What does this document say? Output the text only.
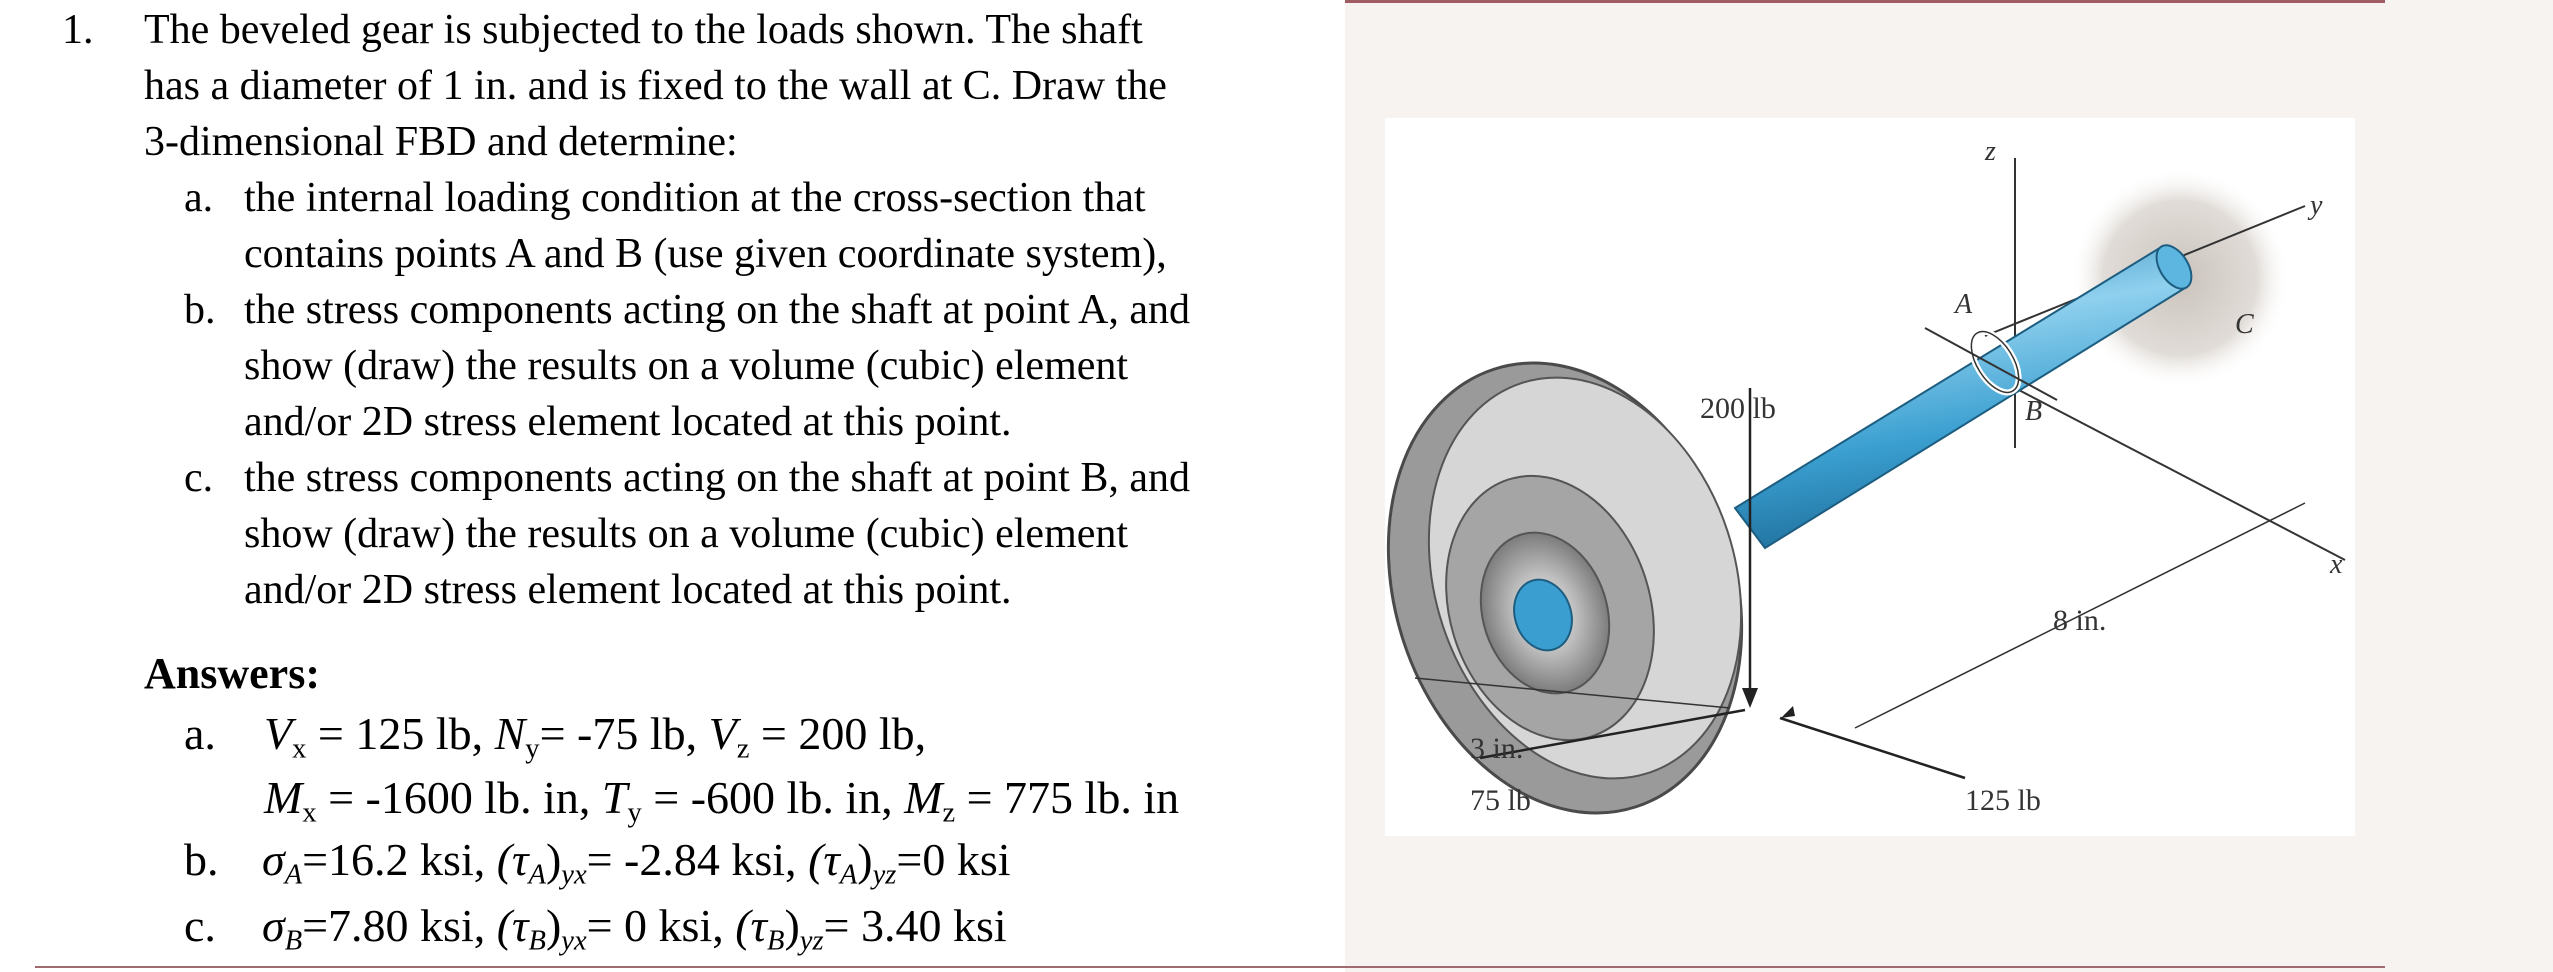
1. The beveled gear is subjected to the loads shown. The shaft
has a diameter of 1 in. and is fixed to the wall at C. Draw the
3-dimensional FBD and determine:
a. the internal loading condition at the cross-section that
contains points A and B (use given coordinate system),
b. the stress components acting on the shaft at point A, and
show (draw) the results on a volume (cubic) element
and/or 2D stress element located at this point.
c. the stress components acting on the shaft at point B, and
show (draw) the results on a volume (cubic) element
and/or 2D stress element located at this point.
Answers:
a. $V_x = 125$ lb, $N_y= -75$ lb, $V_z = 200$ lb,
$M_x = -1600$ lb. in, $T_y = -600$ lb. in, $M_z = 775$ lb. in
b. $\sigma_A=16.2$ ksi, $(\tau_A)_{yx}= -2.84$ ksi, $(\tau_A)_{yz}=0$ ksi
c. $\sigma_B=7.80$ ksi, $(\tau_B)_{yx}= 0$ ksi, $(\tau_B)_{yz}= 3.40$ ksi
z
y
x
A
B
C
200 lb
75 lb	125 lb
3 in.
8 in.
